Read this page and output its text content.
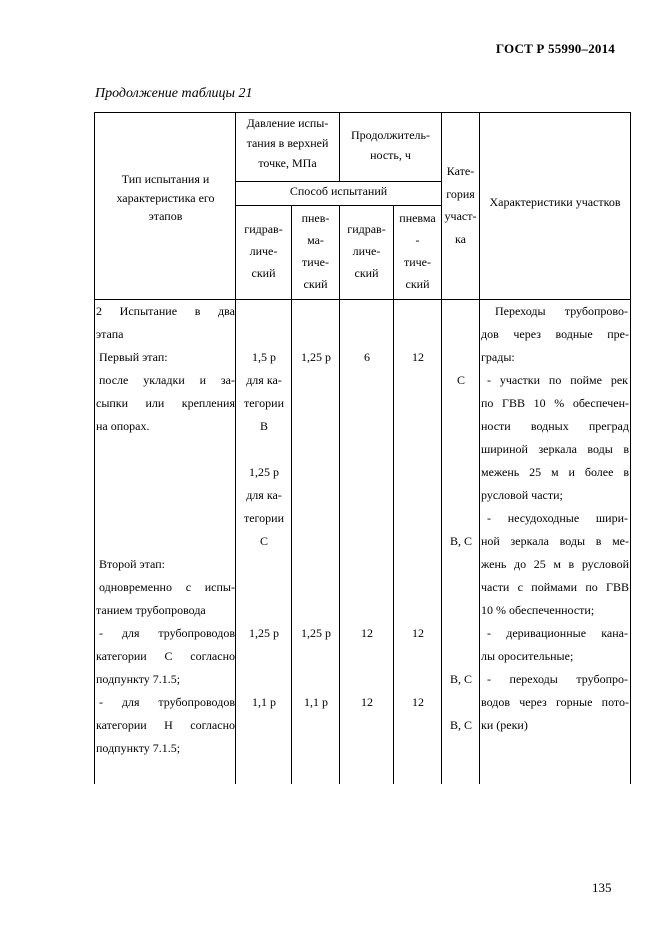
ГОСТ Р 55990–2014
Продолжение таблицы 21
Тип испытания и
характеристика его
этапов
Давление испы-
тания в верхней
точке, МПа
Продолжитель-
ность, ч
Кате-
гория
участ-
ка
Характеристики участков
Способ испытаний
гидрав-
личе-
ский
пнев-
ма-
тиче-
ский
гидрав-
личе-
ский
пневма
-
тиче-
ский
2 Испытание в два
этапа
Первый этап:
после укладки и за-
сыпки или крепления
на опорах.
Второй этап:
одновременно с испы-
танием трубопровода
- для трубопроводов
категории С согласно
подпункту 7.1.5;
- для трубопроводов
категории Н согласно
подпункту 7.1.5;
1,5 р
для ка-
тегории
В
1,25 р
для ка-
тегории
С
1,25 р
1,1 р
1,25 р
1,25 р
1,1 р
6
12
12
12
12
12
С
В, С
В, С
В, С
Переходы трубопрово-
дов через водные пре-
грады:
- участки по пойме рек
по ГВВ 10 % обеспечен-
ности водных преград
шириной зеркала воды в
межень 25 м и более в
русловой части;
- несудоходные шири-
ной зеркала воды в ме-
жень до 25 м в русловой
части с поймами по ГВВ
10 % обеспеченности;
- деривационные кана-
лы оросительные;
- переходы трубопро-
водов через горные пото-
ки (реки)
135
